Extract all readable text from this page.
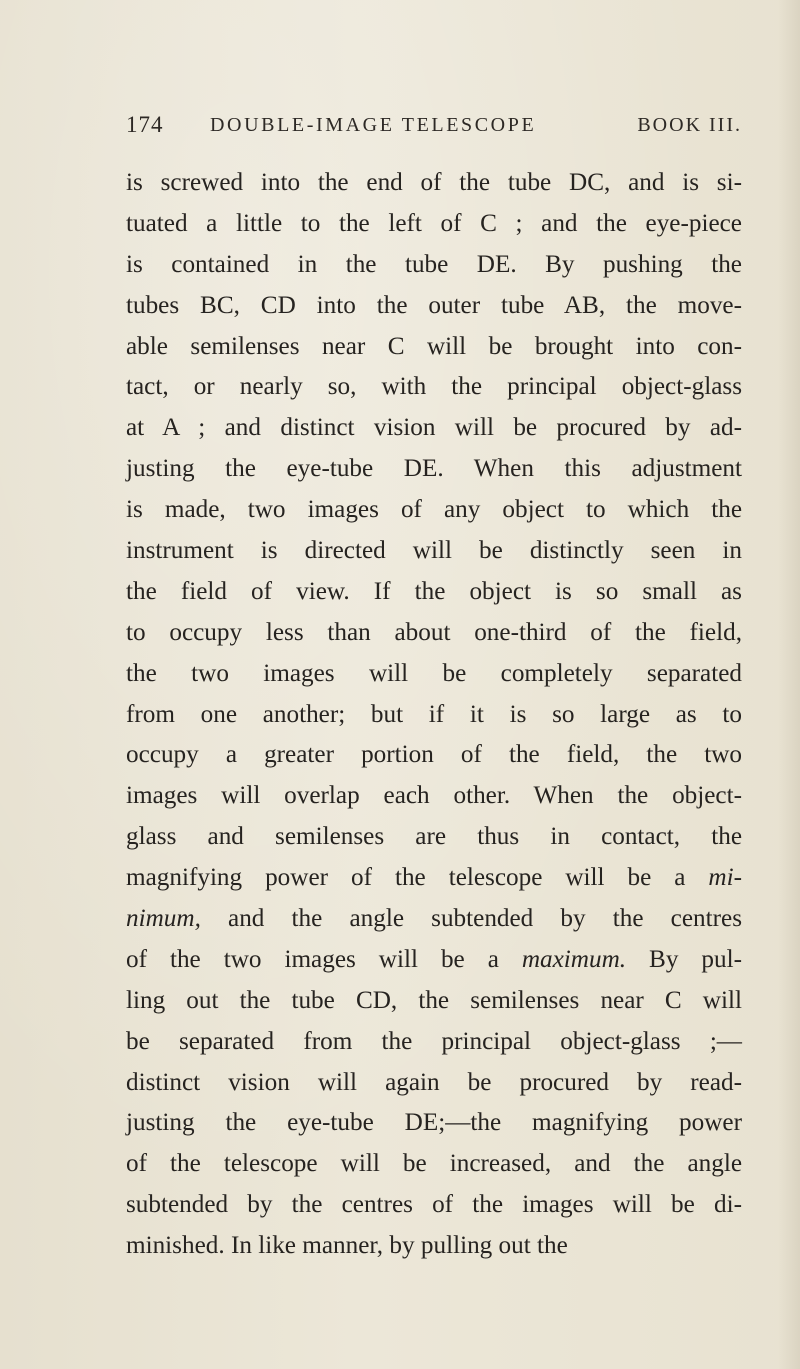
174	DOUBLE-IMAGE TELESCOPE	BOOK III.
is screwed into the end of the tube DC, and is si-
tuated a little to the left of C ; and the eye-piece
is contained in the tube DE. By pushing the
tubes BC, CD into the outer tube AB, the move-
able semilenses near C will be brought into con-
tact, or nearly so, with the principal object-glass
at A ; and distinct vision will be procured by ad-
justing the eye-tube DE. When this adjustment
is made, two images of any object to which the
instrument is directed will be distinctly seen in
the field of view. If the object is so small as
to occupy less than about one-third of the field,
the two images will be completely separated
from one another; but if it is so large as to
occupy a greater portion of the field, the two
images will overlap each other. When the object-
glass and semilenses are thus in contact, the
magnifying power of the telescope will be a mi-
nimum, and the angle subtended by the centres
of the two images will be a maximum. By pul-
ling out the tube CD, the semilenses near C will
be separated from the principal object-glass ;—
distinct vision will again be procured by read-
justing the eye-tube DE;—the magnifying power
of the telescope will be increased, and the angle
subtended by the centres of the images will be di-
minished. In like manner, by pulling out the
